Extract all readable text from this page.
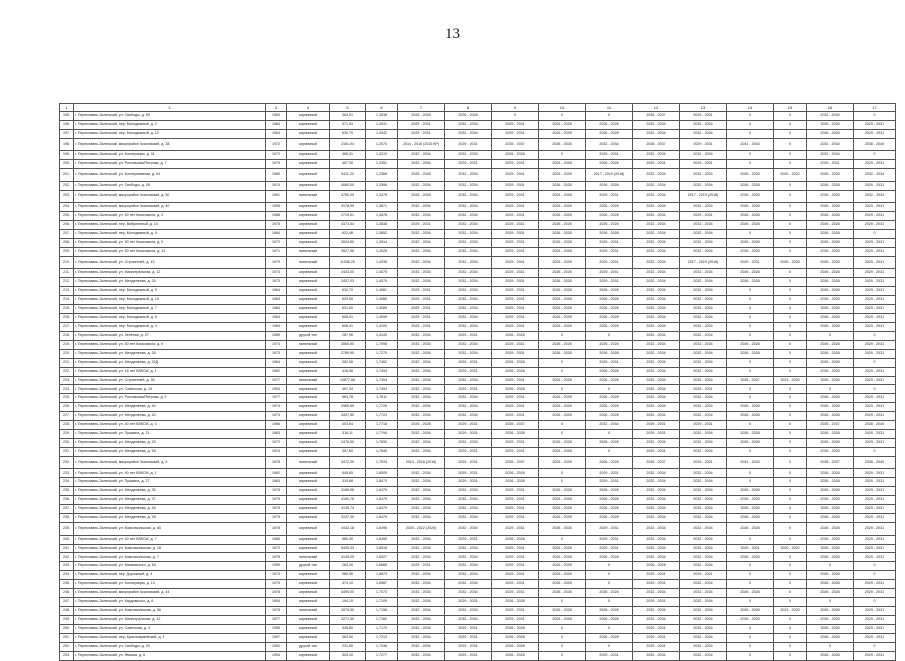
13
1	2	3	4	5	6	7	8	9	10	11	12	13	14	15	16	17
195.	г. Переславль-Залесский, ул. Свободы, д. 59	1963	кирпичный	364,51	1,3038	2026 - 2028	2026 - 2028	0	0	0	2035 - 2037	2029 - 2031	0	0	2032 - 2034	0
196.	г. Переславль-Залесский, пер. Молодежный, д. 2	1964	кирпичный	371,54	1,3041	2029 - 2031	2032 - 2034	2029 - 2031	2026 - 2028	2026 - 2028	2032 - 2034	2032 - 2034	0	0	2026 - 2028	2029 - 2031
197.	г. Переславль-Залесский, пер. Молодежный, д. 12	1964	кирпичный	630,79	1,3042	2029 - 2031	2032 - 2034	2029 - 2031	2026 - 2028	2026 - 2028	2032 - 2034	2032 - 2034	0	0	2026 - 2028	2029 - 2031
198.	г. Переславль-Залесский, микрорайон Чкаловский, д. 38	1972	кирпичный	2161,04	1,3070	2014 - 2016 (2015 КР)	2029 - 2031	2035 - 2037	2026 - 2028	2032 - 2034	2035 - 2037	2029 - 2031	2041 - 2043	0	2032 - 2034	2038 - 2040
199.	г. Переславль-Залесский, ул. Кооперации, д. 31	1972	кирпичный	469,31	1,3219	2032 - 2034	2032 - 2034	2026 - 2028	0	2029 - 2031	2032 - 2034	2032 - 2034	0	0	2032 - 2034	0
200.	г. Переславль-Залесский, ул. Ростовская/Петрова, д. 7	1975	кирпичный	457,30	1,3351	2032 - 2034	2029 - 2031	2029 - 2031	2026 - 2028	2026 - 2028	2029 - 2031	2029 - 2031	0	0	2029 - 2031	2029 - 2031
201.	г. Переславль-Залесский, ул. Кооперативная, д. 54	1980	кирпичный	9411,32	1,3368	2026 - 2028	2032 - 2034	2029 - 2031	2026 - 2028	2017 - 2019 (2018)	2032 - 2034	2032 - 2034	2026 - 2028	2020 - 2022	2026 - 2028	2032 - 2034
202.	г. Переславль-Залесский, ул. Свободы, д. 26	1974	кирпичный	4060,00	1,3398	2032 - 2034	2032 - 2034	2029 - 2031	2026 - 2028	2026 - 2028	2032 - 2034	2032 - 2034	2026 - 2028	0	2026 - 2028	2029 - 2031
203.	г. Переславль-Залесский, микрорайон Чкаловский, д. 50	1991	панельный	3750,09	1,3475	2026 - 2028	2032 - 2034	2029 - 2031	2026 - 2028	2029 - 2031	2032 - 2034	2017 - 2019 (2018)	2026 - 2028	0	2026 - 2028	2032 - 2034
204.	г. Переславль-Залесский, микрорайон Чкаловский, д. 40	1995	кирпичный	3178,99	1,3671	2032 - 2034	2032 - 2034	2029 - 2031	2026 - 2028	2026 - 2028	2032 - 2034	2032 - 2034	2026 - 2028	0	2026 - 2028	2029 - 2031
205.	г. Переславль-Залесский, ул. 50 лет Комсомола, д. 3	1968	кирпичный	2719,51	1,3678	2032 - 2034	2032 - 2034	2029 - 2031	2026 - 2028	2026 - 2028	2032 - 2034	2029 - 2031	2026 - 2028	0	2026 - 2028	2029 - 2031
206.	г. Переславль-Залесский, пер. Вибрионный, д. 10	1975	кирпичный	4373,54	1,3838	2029 - 2031	2032 - 2034	2029 - 2031	2026 - 2028	2026 - 2028	2032 - 2034	2032 - 2034	2026 - 2028	0	2026 - 2028	2029 - 2031
207.	г. Переславль-Залесский, пер. Молодежный, д. 9	1964	кирпичный	622,46	1,3852	2032 - 2034	2032 - 2034	2029 - 2031	2026 - 2028	2026 - 2028	2032 - 2034	2032 - 2034	0	0	2026 - 2028	0
208.	г. Переславль-Залесский, ул. 50 лет Комсомола, д. 5	1972	кирпичный	3524,60	1,3914	2032 - 2034	2032 - 2034	2029 - 2031	2026 - 2028	2029 - 2031	2032 - 2034	2032 - 2034	2026 - 2028	0	2026 - 2028	2029 - 2031
209.	г. Переславль-Залесский, ул. 50 лет Комсомола, д. 13	1971	панельный	3527,96	1,4025	2032 - 2034	2032 - 2034	2029 - 2031	2026 - 2028	2029 - 2031	2032 - 2034	2032 - 2034	2026 - 2028	0	2026 - 2028	2029 - 2031
210.	г. Переславль-Залесский, ул. Строителей, д. 43	1979	панельный	11036,25	1,4035	2032 - 2034	2032 - 2034	2029 - 2031	2026 - 2028	2029 - 2031	2032 - 2034	2017 - 2019 (2018)	2029 - 2031	2026 - 2028	2026 - 2028	2029 - 2031
211.	г. Переславль-Залесский, ул. Магистральная, д. 12	1973	кирпичный	2403,00	1,4075	2032 - 2034	2032 - 2034	2029 - 2031	2026 - 2028	2029 - 2031	2032 - 2034	2032 - 2034	2026 - 2028	0	2026 - 2028	2029 - 2031
212.	г. Переславль-Залесский, ул. Менделеева, д. 24	1973	кирпичный	2437,03	1,4075	2032 - 2034	2032 - 2034	2029 - 2031	2026 - 2028	2029 - 2031	2032 - 2034	2032 - 2034	2026 - 2028	0	2026 - 2028	2029 - 2031
213.	г. Переславль-Залесский, пер. Молодежный, д. 9	1964	кирпичный	632,70	1,4081	2029 - 2031	2032 - 2034	2029 - 2031	2026 - 2028	2026 - 2028	2032 - 2034	2032 - 2034	0	0	2026 - 2028	2029 - 2031
214.	г. Переславль-Залесский, пер. Молодежный, д. 10	1964	кирпичный	629,58	1,4085	2029 - 2031	2032 - 2034	2029 - 2031	2026 - 2028	2026 - 2028	2032 - 2034	2032 - 2034	0	0	2026 - 2028	2029 - 2031
215.	г. Переславль-Залесский, пер. Молодежный, д. 7	1964	кирпичный	631,50	1,4089	2029 - 2031	2032 - 2034	2029 - 2031	2026 - 2028	2026 - 2028	2032 - 2034	2032 - 2034	0	0	2026 - 2028	2029 - 2031
216.	г. Переславль-Залесский, пер. Молодежный, д. 6	1964	кирпичный	608,51	1,4099	2029 - 2031	2032 - 2034	2029 - 2031	2026 - 2028	2026 - 2028	2032 - 2034	2032 - 2034	0	0	2026 - 2028	2029 - 2031
217.	г. Переславль-Залесский, пер. Молодежный, д. 3	1964	кирпичный	608,41	1,4100	2029 - 2031	2032 - 2034	2029 - 2031	2026 - 2028	2026 - 2028	2032 - 2034	2032 - 2034	0	0	2026 - 2028	2029 - 2031
218.	г. Переславль-Залесский, ул. Зелёная, д. 27	1969	другой тип	287,96	1,4149	2032 - 2034	2029 - 2031	2026 - 2028	0	0	2032 - 2034	2032 - 2034	0	0	0	0
219.	г. Переславль-Залесский, ул. 50 лет Комсомола, д. 9	1974	панельный	3560,50	1,7098	2032 - 2034	2032 - 2034	2029 - 2031	2026 - 2028	2026 - 2028	2032 - 2034	2032 - 2034	2026 - 2028	0	2026 - 2028	2029 - 2031
220.	г. Переславль-Залесский, ул. Менделеева, д. 28	1973	кирпичный	2789,90	1,7270	2032 - 2034	2032 - 2034	2029 - 2031	2026 - 2028	2026 - 2028	2032 - 2034	2032 - 2034	2026 - 2028	0	2026 - 2028	2029 - 2031
221.	г. Переславль-Залесский, ул. Менделеева, д. 32Д	1964	кирпичный	352,08	1,7462	2032 - 2034	2029 - 2031	2026 - 2028	0	2029 - 2031	2032 - 2034	2032 - 2034	0	0	2026 - 2028	0
222.	г. Переславль-Залесский, ул. 16 лет ВЛКСМ, д. 1	1962	кирпичный	416,58	1,7494	2032 - 2034	2029 - 2031	2026 - 2028	0	2026 - 2028	2032 - 2034	2032 - 2034	0	0	2026 - 2028	2029 - 2031
223.	г. Переславль-Залесский, ул. Строителей, д. 35	1977	панельный	10877,66	1,7494	2032 - 2034	2032 - 2034	2029 - 2031	2026 - 2028	2026 - 2028	2032 - 2034	2032 - 2034	2035 - 2037	2023 - 2025	2026 - 2028	2029 - 2031
224.	г. Переславль-Залесский, ул. Советская, д. 19	1954	кирпичный	457,34	1,7494	2032 - 2034	2029 - 2031	2026 - 2028	0	0	2032 - 2034	2029 - 2031	0	0	0	0
225.	г. Переславль-Залесский, ул. Ростовская/Петрова, д. 2	1977	кирпичный	563,78	1,7611	2032 - 2034	2032 - 2034	2029 - 2031	2026 - 2028	2026 - 2028	2032 - 2034	2032 - 2034	0	0	2026 - 2028	2029 - 2031
226.	г. Переславль-Залесский, ул. Менделеева, д. 40	1974	кирпичный	2960,65	1,7726	2032 - 2034	2032 - 2034	2029 - 2031	2026 - 2028	2026 - 2028	2032 - 2034	2032 - 2034	2026 - 2028	0	2026 - 2028	2029 - 2031
227.	г. Переславль-Залесский, ул. Менделеева, д. 42	1973	кирпичный	3437,50	1,7723	2032 - 2034	2032 - 2034	2029 - 2031	2026 - 2028	2026 - 2028	2032 - 2034	2032 - 2034	2026 - 2028	0	2026 - 2028	2029 - 2031
228.	г. Переславль-Залесский, ул. 40 лет ВЛКСМ, д. 3	1966	кирпичный	403,64	1,7718	2026 - 2028	2029 - 2031	2035 - 2037	0	2032 - 2034	2029 - 2031	2029 - 2031	0	0	2035 - 2037	2038 - 2040
229.	г. Переславль-Залесский, ул. Пушкина, д. 21	1963	кирпичный	316,11	1,7794	2032 - 2034	2029 - 2031	2026 - 2028	0	0	2029 - 2031	2032 - 2034	2026 - 2028	0	2026 - 2028	2029 - 2031
230.	г. Переславль-Залесский, ул. Менделеева, д. 29	1972	кирпичный	2476,50	1,7830	2032 - 2034	2032 - 2034	2029 - 2031	2026 - 2028	2026 - 2028	2032 - 2034	2032 - 2034	2026 - 2028	0	2026 - 2028	2029 - 2031
231.	г. Переславль-Залесский, ул. Менделеева, д. 55	1974	кирпичный	357,60	1,7845	2032 - 2034	2029 - 2031	2029 - 2031	2026 - 2028	0	2029 - 2031	2032 - 2034	0	0	2026 - 2028	0
232.	г. Переславль-Залесский, микрорайон Чкаловский, д. 5	1978	панельный	3472,00	1,7933	2014 - 2016 (2016)	2029 - 2031	2035 - 2037	2026 - 2028	2026 - 2028	2035 - 2037	2029 - 2031	2041 - 2043	0	2035 - 2037	2038 - 2040
233.	г. Переславль-Залесский, ул. 40 лет ВЛКСМ, д. 1	1962	кирпичный	449,65	1,8005	2032 - 2034	2029 - 2031	2026 - 2028	0	2029 - 2031	2032 - 2034	2032 - 2034	0	0	2026 - 2028	2029 - 2031
234.	г. Переславль-Залесский, ул. Пушкина, д. 27	1963	кирпичный	319,68	1,8073	2032 - 2034	2029 - 2031	2026 - 2028	0	2029 - 2031	2032 - 2034	2032 - 2034	0	0	2026 - 2028	2029 - 2031
235.	г. Переславль-Залесский, ул. Менделеева, д. 35	1975	кирпичный	3189,96	1,6479	2032 - 2034	2032 - 2034	2029 - 2031	2026 - 2028	2026 - 2028	2032 - 2034	2032 - 2034	2026 - 2028	0	2026 - 2028	2029 - 2031
236.	г. Переславль-Залесский, ул. Менделеева, д. 37	1975	кирпичный	4160,76	1,6479	2032 - 2034	2032 - 2034	2029 - 2031	2026 - 2028	2026 - 2028	2032 - 2034	2032 - 2034	2026 - 2028	0	2026 - 2028	2029 - 2031
237.	г. Переславль-Залесский, ул. Менделеева, д. 46	1975	кирпичный	3139,74	1,6479	2032 - 2034	2032 - 2034	2029 - 2031	2026 - 2028	2026 - 2028	2032 - 2034	2032 - 2034	2026 - 2028	0	2026 - 2028	2029 - 2031
238.	г. Переславль-Залесский, ул. Менделеева, д. 48	1975	кирпичный	3137,30	1,6479	2032 - 2034	2032 - 2034	2029 - 2031	2026 - 2028	2026 - 2028	2032 - 2034	2032 - 2034	2026 - 2028	0	2026 - 2028	2029 - 2031
239.	г. Переславль-Залесский, ул. Комсомольская, д. 65	1978	кирпичный	4442,18	1,6495	2020 - 2022 (2020)	2032 - 2034	2029 - 2031	2026 - 2028	2029 - 2031	2032 - 2034	2032 - 2034	2026 - 2028	0	2026 - 2028	2029 - 2031
240.	г. Переславль-Залесский, ул. 40 лет ВЛКСМ, д. 7	1965	кирпичный	566,00	1,6499	2032 - 2034	2029 - 2031	2026 - 2028	0	2029 - 2031	2032 - 2034	2032 - 2034	0	0	2026 - 2028	2029 - 2031
241.	г. Переславль-Залесский, ул. Комсомольская, д. 18	1972	кирпичный	5495,33	1,6518	2032 - 2034	2032 - 2034	2029 - 2031	2026 - 2028	2029 - 2031	2032 - 2034	2032 - 2034	2029 - 2031	2020 - 2022	2026 - 2028	2029 - 2031
242.	г. Переславль-Залесский, ул. Комсомольская, д. 7	1978	панельный	4145,05	1,6527	2032 - 2034	2032 - 2034	2029 - 2031	2026 - 2028	2026 - 2028	2032 - 2034	2032 - 2034	2026 - 2028	0	2026 - 2028	2029 - 2031
243.	г. Переславль-Залесский, ул. Маяковского, д. 64	1959	другой тип	283,39	1,6688	2029 - 2031	2032 - 2034	2029 - 2031	2026 - 2028	0	2026 - 2028	2032 - 2034	0	0	0	0
244.	г. Переславль-Залесский, пер. Дорожный, д. 4	1973	кирпичный	365,50	1,6873	2032 - 2034	2032 - 2034	2029 - 2031	2026 - 2028	0	2029 - 2031	2029 - 2031	0	0	2026 - 2028	0
245.	г. Переславль-Залесский, ул. Кооперации, д. 13	1975	кирпичный	474,10	1,6987	2032 - 2034	2032 - 2034	2029 - 2031	2026 - 2028	0	2029 - 2031	2032 - 2034	0	0	2026 - 2028	2029 - 2031
246.	г. Переславль-Залесский, микрорайон Чкаловский, д. 44	1978	кирпичный	3490,00	1,7073	2032 - 2034	2032 - 2034	2029 - 2031	2026 - 2028	2026 - 2028	2032 - 2034	2032 - 2034	2026 - 2028	0	2026 - 2028	2029 - 2031
247.	г. Переславль-Залесский, ул. Кардовского, д. 6	1954	кирпичный	194,10	1,7109	2032 - 2034	2029 - 2031	2026 - 2028	0	0	2029 - 2031	2032 - 2034	0	0	0	0
248.	г. Переславль-Залесский, ул. Комсомольская, д. 56	1975	панельный	3075,50	1,7158	2032 - 2034	2032 - 2034	2029 - 2031	2026 - 2028	2026 - 2028	2032 - 2034	2032 - 2034	2026 - 2028	2023 - 2025	2026 - 2028	2029 - 2031
249.	г. Переславль-Залесский, ул. Магистральная, д. 12	1977	кирпичный	3271,50	1,7160	2032 - 2034	2032 - 2034	2029 - 2031	2026 - 2028	2026 - 2028	2032 - 2034	2032 - 2034	2026 - 2028	0	2026 - 2028	2029 - 2031
250.	г. Переславль-Залесский, ул. Советская, д. 3	1955	кирпичный	345,80	1,7170	2032 - 2034	2029 - 2031	2026 - 2028	0	0	2029 - 2031	2032 - 2034	0	0	2026 - 2028	2029 - 2031
251.	г. Переславль-Залесский, пер. Красноармейский, д. 1	1957	кирпичный	363,50	1,7213	2032 - 2034	2029 - 2031	2026 - 2028	0	2026 - 2028	2029 - 2031	2032 - 2034	0	0	2026 - 2028	2029 - 2031
252.	г. Переславль-Залесский, ул. Свободы, д. 29	1952	другой тип	231,90	1,7246	2032 - 2034	2029 - 2031	2026 - 2028	0	0	2029 - 2031	2032 - 2034	0	0	0	0
253.	г. Переславль-Залесский, ул. Ямская, д. 6	1954	кирпичный	303,10	1,7277	2032 - 2034	2029 - 2031	2026 - 2028	0	2029 - 2031	2032 - 2034	2032 - 2034	0	0	2026 - 2028	2029 - 2031
